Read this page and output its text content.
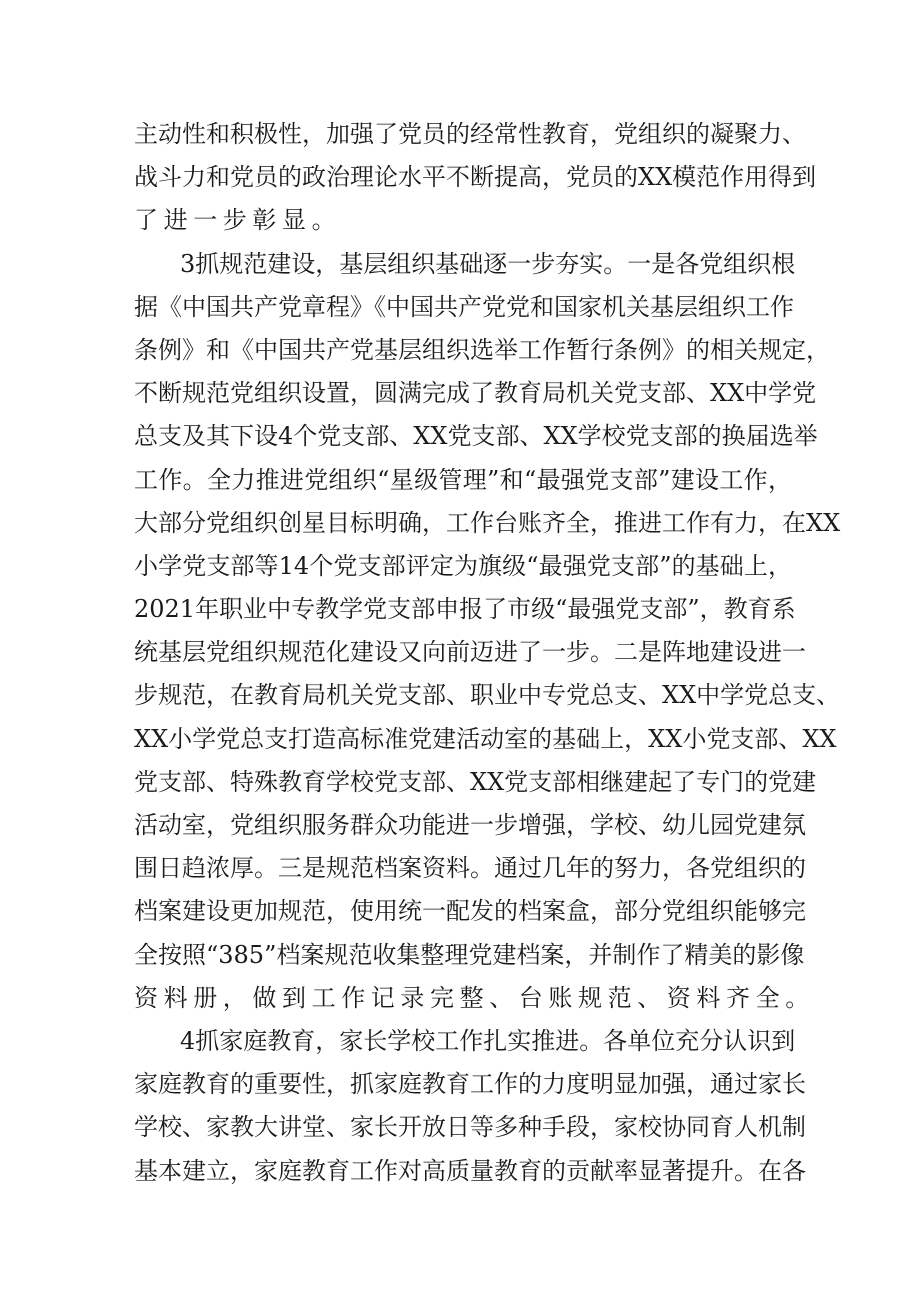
主动性和积极性，加强了党员的经常性教育，党组织的凝聚力、
战斗力和党员的政治理论水平不断提高，党员的XX模范作用得到
了进一步彰显。
3抓规范建设，基层组织基础逐一步夯实。一是各党组织根
据《中国共产党章程》《中国共产党党和国家机关基层组织工作
条例》和《中国共产党基层组织选举工作暂行条例》的相关规定，
不断规范党组织设置，圆满完成了教育局机关党支部、XX中学党
总支及其下设4个党支部、XX党支部、XX学校党支部的换届选举
工作。全力推进党组织“星级管理”和“最强党支部”建设工作，
大部分党组织创星目标明确，工作台账齐全，推进工作有力，在XX
小学党支部等14个党支部评定为旗级“最强党支部”的基础上，
2021年职业中专教学党支部申报了市级“最强党支部”，教育系
统基层党组织规范化建设又向前迈进了一步。二是阵地建设进一
步规范，在教育局机关党支部、职业中专党总支、XX中学党总支、
XX小学党总支打造高标准党建活动室的基础上，XX小党支部、XX
党支部、特殊教育学校党支部、XX党支部相继建起了专门的党建
活动室，党组织服务群众功能进一步增强，学校、幼儿园党建氛
围日趋浓厚。三是规范档案资料。通过几年的努力，各党组织的
档案建设更加规范，使用统一配发的档案盒，部分党组织能够完
全按照“385”档案规范收集整理党建档案，并制作了精美的影像
资料册，做到工作记录完整、台账规范、资料齐全。
4抓家庭教育，家长学校工作扎实推进。各单位充分认识到
家庭教育的重要性，抓家庭教育工作的力度明显加强，通过家长
学校、家教大讲堂、家长开放日等多种手段，家校协同育人机制
基本建立，家庭教育工作对高质量教育的贡献率显著提升。在各
